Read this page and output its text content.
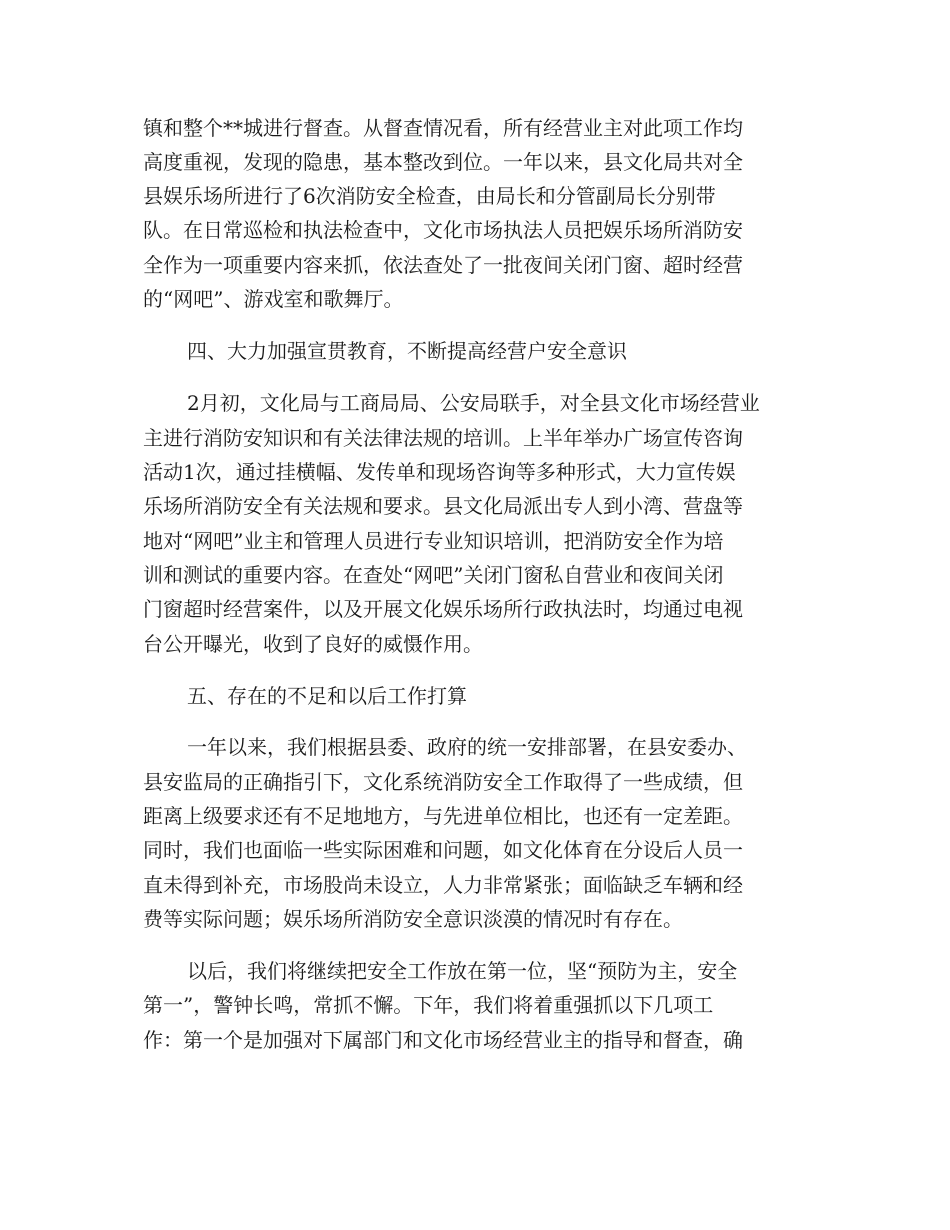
镇和整个**城进行督查。从督查情况看，所有经营业主对此项工作均
高度重视，发现的隐患，基本整改到位。一年以来，县文化局共对全
县娱乐场所进行了6次消防安全检查，由局长和分管副局长分别带
队。在日常巡检和执法检查中，文化市场执法人员把娱乐场所消防安
全作为一项重要内容来抓，依法查处了一批夜间关闭门窗、超时经营
的“网吧”、游戏室和歌舞厅。
四、大力加强宣贯教育，不断提高经营户安全意识
2月初，文化局与工商局局、公安局联手，对全县文化市场经营业
主进行消防安知识和有关法律法规的培训。上半年举办广场宣传咨询
活动1次，通过挂横幅、发传单和现场咨询等多种形式，大力宣传娱
乐场所消防安全有关法规和要求。县文化局派出专人到小湾、营盘等
地对“网吧”业主和管理人员进行专业知识培训，把消防安全作为培
训和测试的重要内容。在查处“网吧”关闭门窗私自营业和夜间关闭
门窗超时经营案件，以及开展文化娱乐场所行政执法时，均通过电视
台公开曝光，收到了良好的威慑作用。
五、存在的不足和以后工作打算
一年以来，我们根据县委、政府的统一安排部署，在县安委办、
县安监局的正确指引下，文化系统消防安全工作取得了一些成绩，但
距离上级要求还有不足地地方，与先进单位相比，也还有一定差距。
同时，我们也面临一些实际困难和问题，如文化体育在分设后人员一
直未得到补充，市场股尚未设立，人力非常紧张；面临缺乏车辆和经
费等实际问题；娱乐场所消防安全意识淡漠的情况时有存在。
以后，我们将继续把安全工作放在第一位，坚“预防为主，安全
第一”，警钟长鸣，常抓不懈。下年，我们将着重强抓以下几项工
作：第一个是加强对下属部门和文化市场经营业主的指导和督查，确
